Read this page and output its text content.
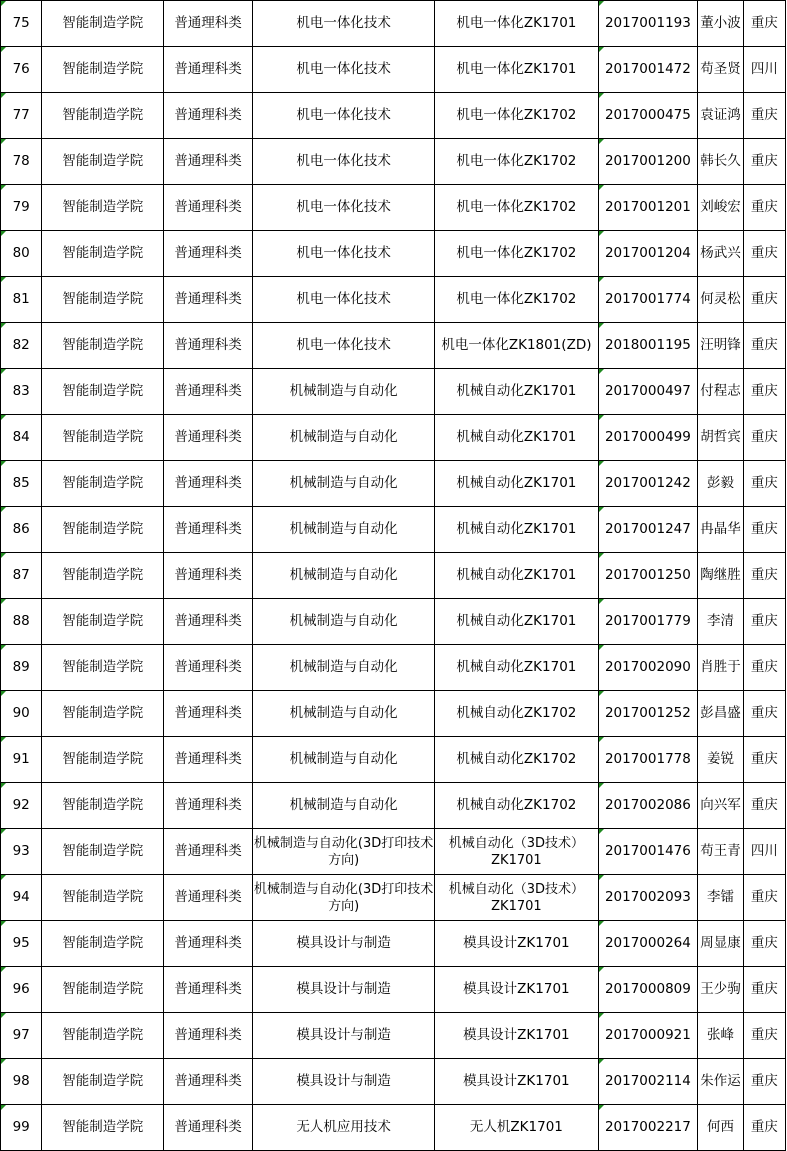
75	智能制造学院	普通理科类	机电一体化技术	机电一体化ZK1701	2017001193	董小波	重庆
76	智能制造学院	普通理科类	机电一体化技术	机电一体化ZK1701	2017001472	苟圣贤	四川
77	智能制造学院	普通理科类	机电一体化技术	机电一体化ZK1702	2017000475	袁证鸿	重庆
78	智能制造学院	普通理科类	机电一体化技术	机电一体化ZK1702	2017001200	韩长久	重庆
79	智能制造学院	普通理科类	机电一体化技术	机电一体化ZK1702	2017001201	刘峻宏	重庆
80	智能制造学院	普通理科类	机电一体化技术	机电一体化ZK1702	2017001204	杨武兴	重庆
81	智能制造学院	普通理科类	机电一体化技术	机电一体化ZK1702	2017001774	何灵松	重庆
82	智能制造学院	普通理科类	机电一体化技术	机电一体化ZK1801(ZD)	2018001195	汪明锋	重庆
83	智能制造学院	普通理科类	机械制造与自动化	机械自动化ZK1701	2017000497	付程志	重庆
84	智能制造学院	普通理科类	机械制造与自动化	机械自动化ZK1701	2017000499	胡哲宾	重庆
85	智能制造学院	普通理科类	机械制造与自动化	机械自动化ZK1701	2017001242	彭毅	重庆
86	智能制造学院	普通理科类	机械制造与自动化	机械自动化ZK1701	2017001247	冉晶华	重庆
87	智能制造学院	普通理科类	机械制造与自动化	机械自动化ZK1701	2017001250	陶继胜	重庆
88	智能制造学院	普通理科类	机械制造与自动化	机械自动化ZK1701	2017001779	李清	重庆
89	智能制造学院	普通理科类	机械制造与自动化	机械自动化ZK1701	2017002090	肖胜于	重庆
90	智能制造学院	普通理科类	机械制造与自动化	机械自动化ZK1702	2017001252	彭昌盛	重庆
91	智能制造学院	普通理科类	机械制造与自动化	机械自动化ZK1702	2017001778	姜锐	重庆
92	智能制造学院	普通理科类	机械制造与自动化	机械自动化ZK1702	2017002086	向兴军	重庆
93	智能制造学院	普通理科类	机械制造与自动化(3D打印技术方向)	机械自动化（3D技术）ZK1701	2017001476	苟王青	四川
94	智能制造学院	普通理科类	机械制造与自动化(3D打印技术方向)	机械自动化（3D技术）ZK1701	2017002093	李镭	重庆
95	智能制造学院	普通理科类	模具设计与制造	模具设计ZK1701	2017000264	周显康	重庆
96	智能制造学院	普通理科类	模具设计与制造	模具设计ZK1701	2017000809	王少驹	重庆
97	智能制造学院	普通理科类	模具设计与制造	模具设计ZK1701	2017000921	张峰	重庆
98	智能制造学院	普通理科类	模具设计与制造	模具设计ZK1701	2017002114	朱作运	重庆
99	智能制造学院	普通理科类	无人机应用技术	无人机ZK1701	2017002217	何西	重庆
